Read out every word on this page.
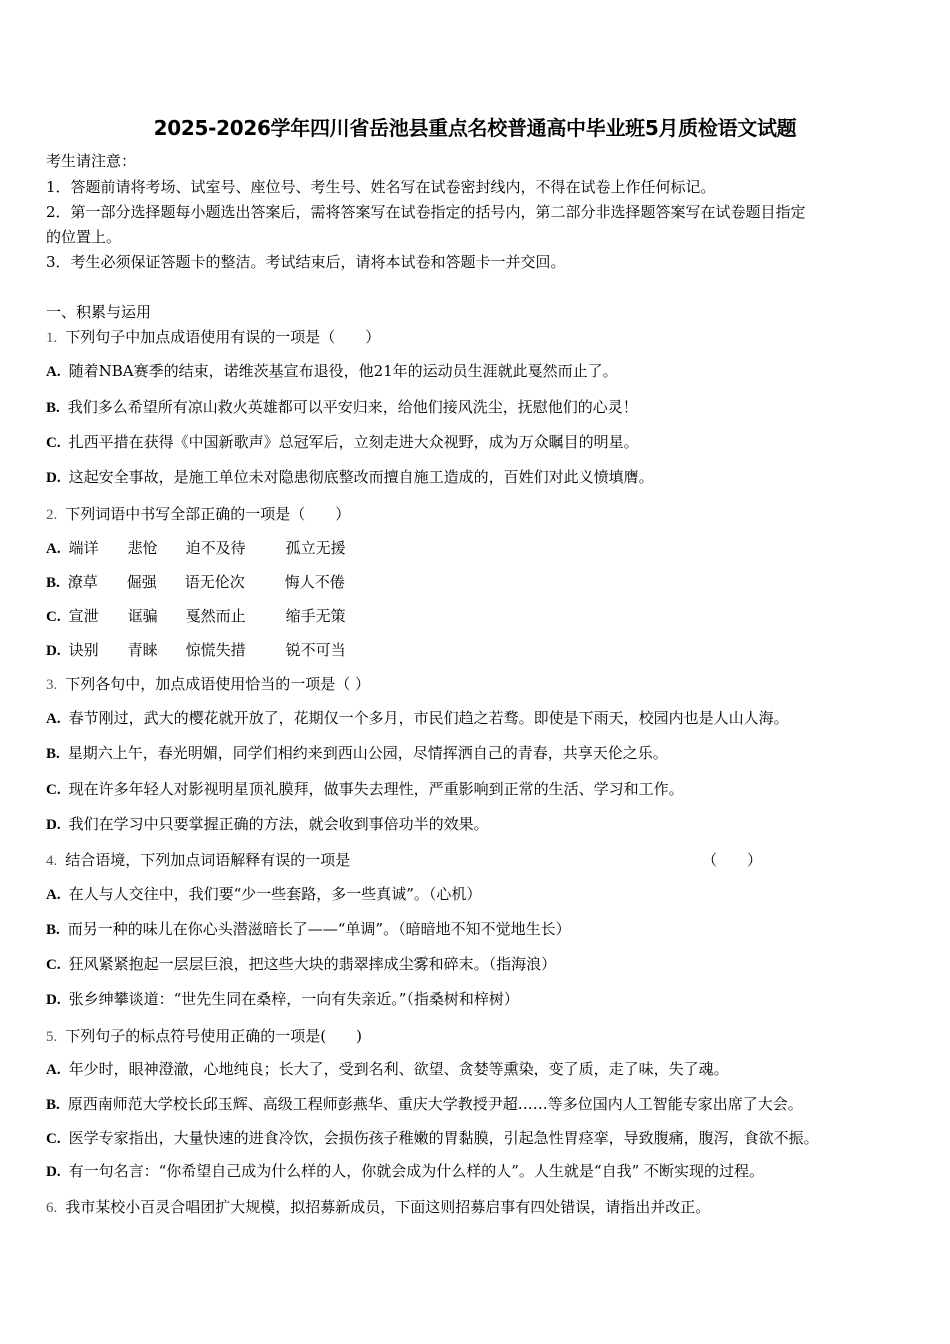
2025-2026学年四川省岳池县重点名校普通高中毕业班5月质检语文试题
考生请注意：
1．答题前请将考场、试室号、座位号、考生号、姓名写在试卷密封线内，不得在试卷上作任何标记。
2．第一部分选择题每小题选出答案后，需将答案写在试卷指定的括号内，第二部分非选择题答案写在试卷题目指定
的位置上。
3．考生必须保证答题卡的整洁。考试结束后，请将本试卷和答题卡一并交回。
一、积累与运用
1. 下列句子中加点成语使用有误的一项是（　　）
A. 随着NBA赛季的结束，诺维茨基宣布退役，他21年的运动员生涯就此戛然而止了。
B. 我们多么希望所有凉山救火英雄都可以平安归来，给他们接风洗尘，抚慰他们的心灵！
C. 扎西平措在获得《中国新歌声》总冠军后，立刻走进大众视野，成为万众瞩目的明星。
D. 这起安全事故，是施工单位未对隐患彻底整改而擅自施工造成的，百姓们对此义愤填膺。
2. 下列词语中书写全部正确的一项是（　　）
A. 端详 悲怆 迫不及待	孤立无援
B. 潦草 倔强 语无伦次	悔人不倦
C. 宣泄 诓骗 戛然而止	缩手无策
D. 诀别 青睐 惊慌失措	锐不可当
3. 下列各句中，加点成语使用恰当的一项是（ ）
A. 春节刚过，武大的樱花就开放了，花期仅一个多月，市民们趋之若骛。即使是下雨天，校园内也是人山人海。
B. 星期六上午，春光明媚，同学们相约来到西山公园，尽情挥洒自己的青春，共享天伦之乐。
C. 现在许多年轻人对影视明星顶礼膜拜，做事失去理性，严重影响到正常的生活、学习和工作。
D. 我们在学习中只要掌握正确的方法，就会收到事倍功半的效果。
4. 结合语境，下列加点词语解释有误的一项是	（　　）
A. 在人与人交往中，我们要“少一些套路，多一些真诚”。（心机）
B. 而另一种的味儿在你心头潜滋暗长了——“单调”。（暗暗地不知不觉地生长）
C. 狂风紧紧抱起一层层巨浪，把这些大块的翡翠摔成尘雾和碎末。（指海浪）
D. 张乡绅攀谈道：“世先生同在桑梓，一向有失亲近。”（指桑树和梓树）
5. 下列句子的标点符号使用正确的一项是(　　)
A. 年少时，眼神澄澈，心地纯良；长大了，受到名利、欲望、贪婪等熏染，变了质，走了味，失了魂。
B. 原西南师范大学校长邱玉辉、高级工程师彭燕华、重庆大学教授尹超……等多位国内人工智能专家出席了大会。
C. 医学专家指出，大量快速的进食冷饮，会损伤孩子稚嫩的胃黏膜，引起急性胃痉挛，导致腹痛，腹泻，食欲不振。
D. 有一句名言：“你希望自己成为什么样的人，你就会成为什么样的人”。人生就是“自我” 不断实现的过程。
6. 我市某校小百灵合唱团扩大规模，拟招募新成员，下面这则招募启事有四处错误，请指出并改正。
